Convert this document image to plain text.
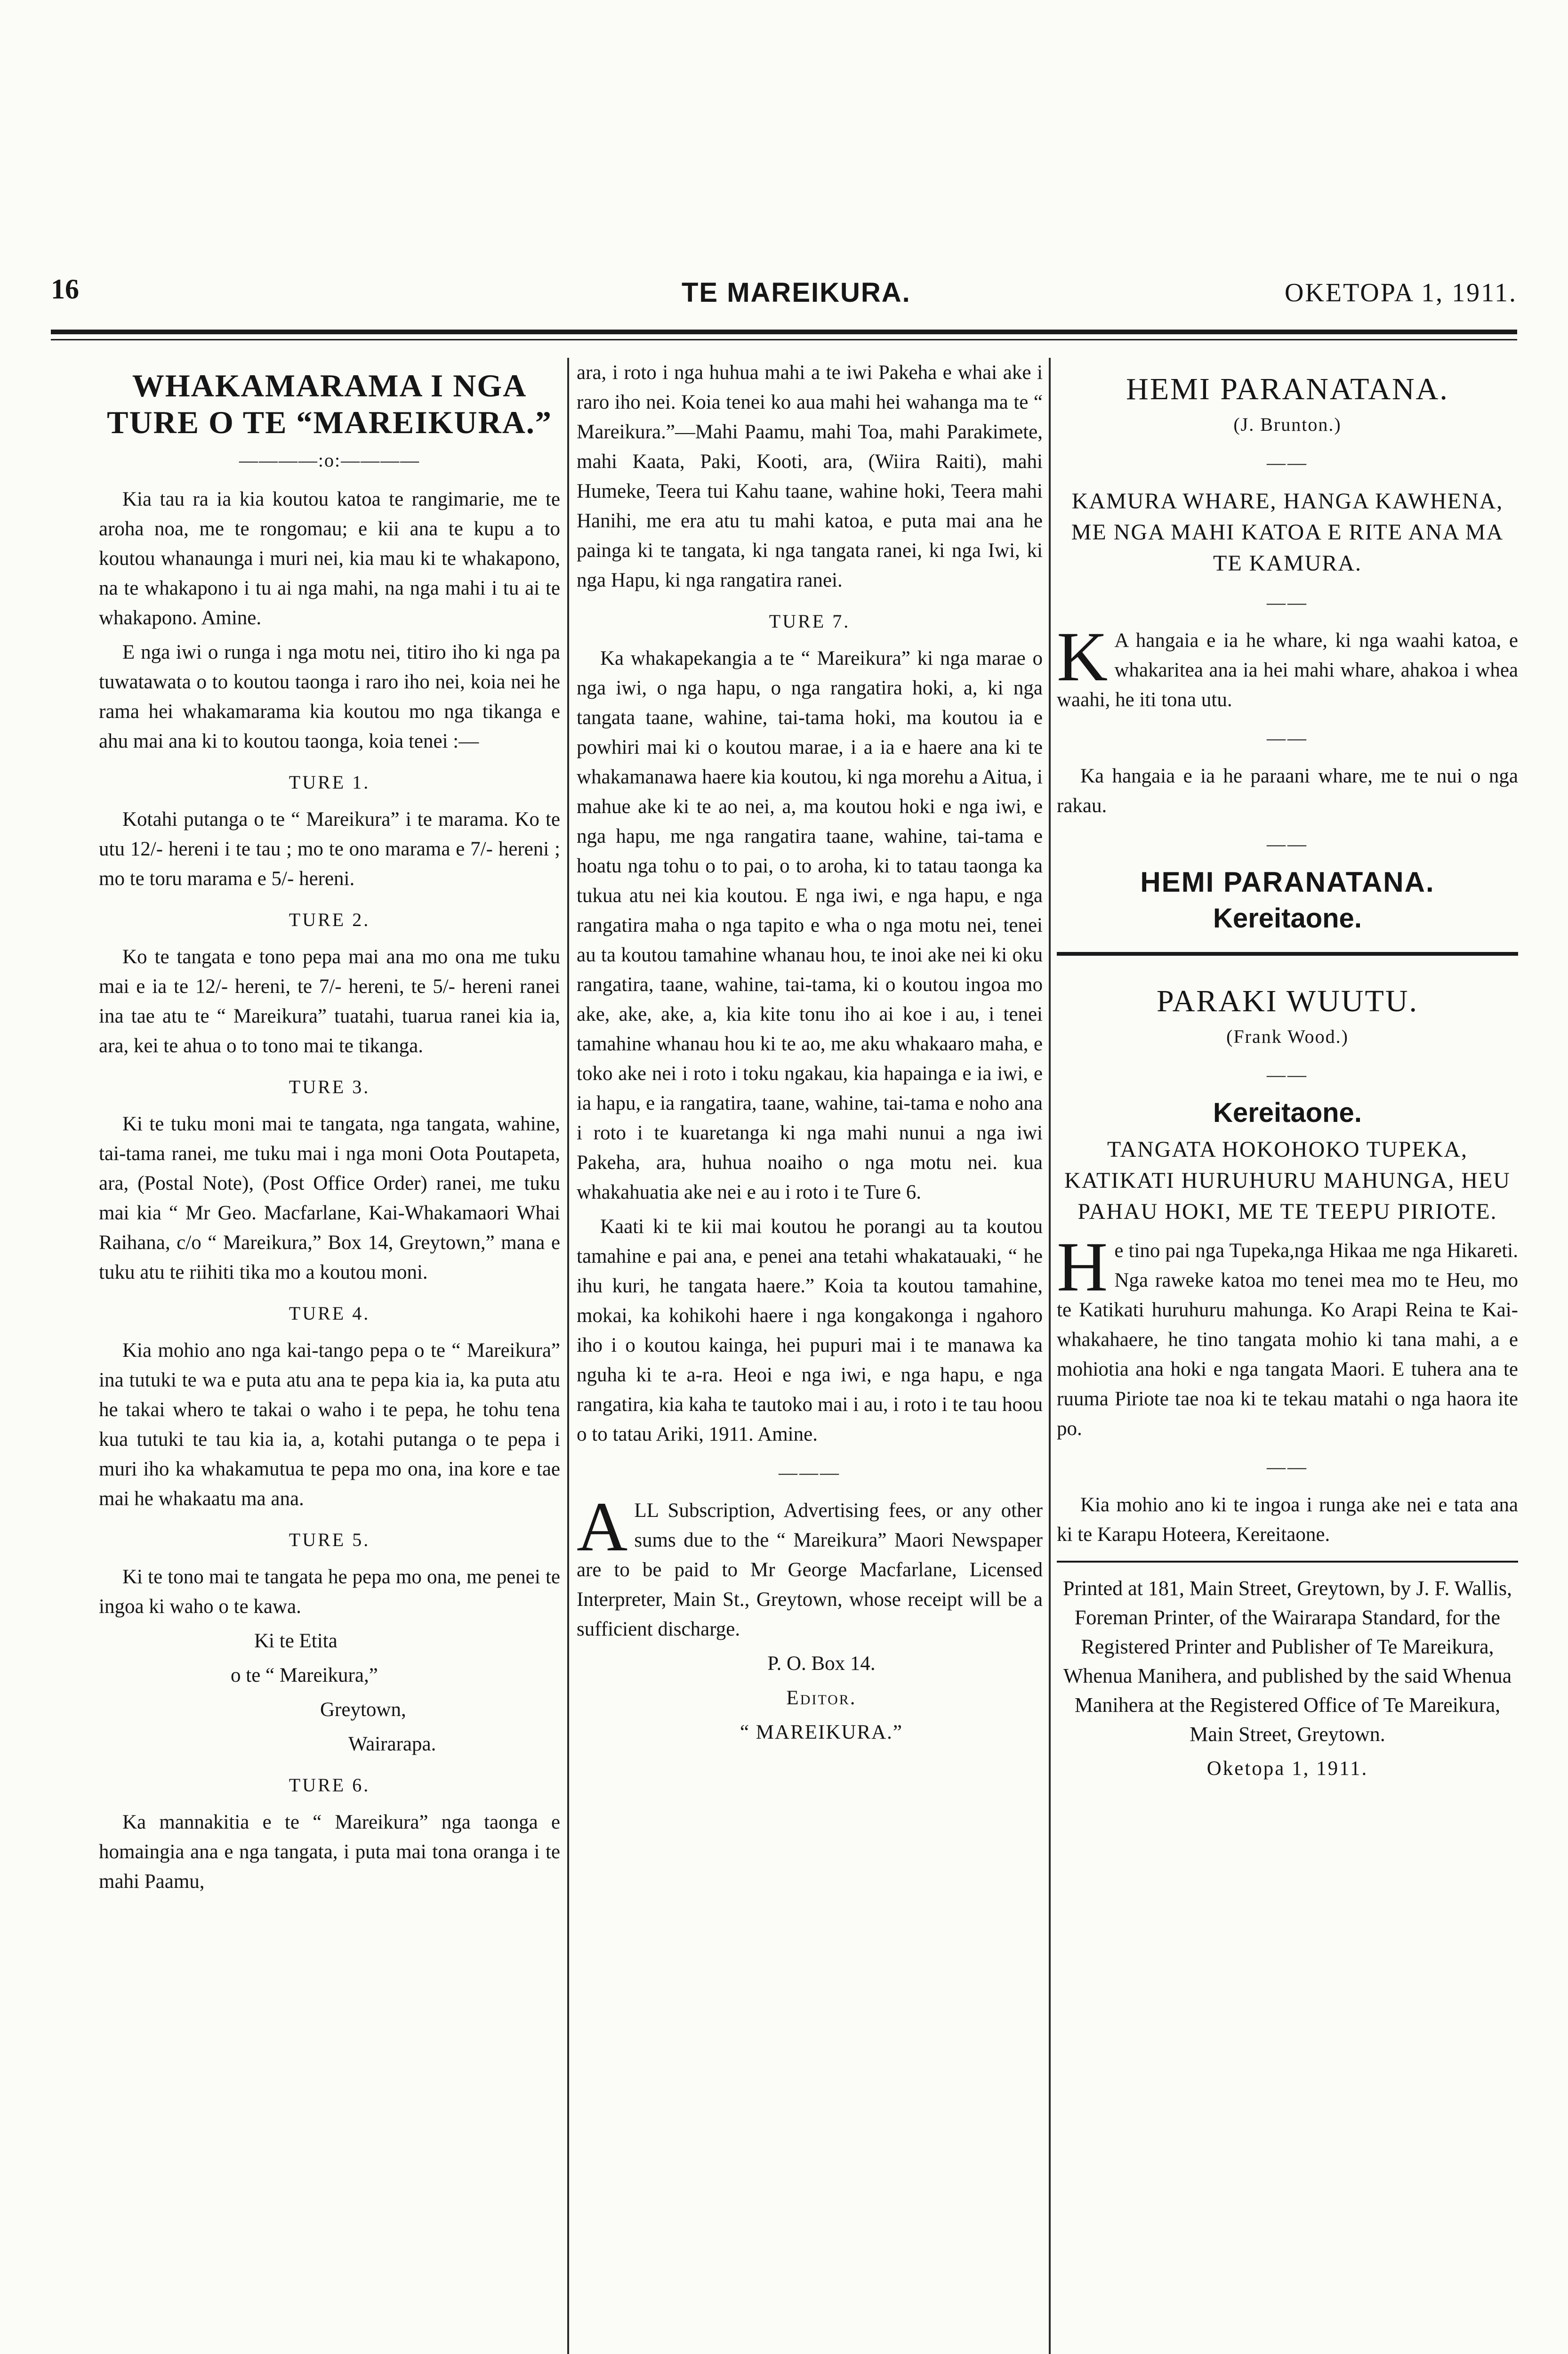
16	TE MAREIKURA.	OKETOPA 1, 1911.
WHAKAMARAMA I NGA TURE O TE “MAREIKURA.”
————:o:————

Kia tau ra ia kia koutou katoa te rangimarie, me te aroha noa, me te rongomau; e kii ana te kupu a to koutou whanaunga i muri nei, kia mau ki te whakapono, na te whakapono i tu ai nga mahi, na nga mahi i tu ai te whakapono. Amine.

E nga iwi o runga i nga motu nei, titiro iho ki nga pa tuwatawata o to koutou taonga i raro iho nei, koia nei he rama hei whakamarama kia koutou mo nga tikanga e ahu mai ana ki to koutou taonga, koia tenei :—

TURE 1.

Kotahi putanga o te “ Mareikura” i te marama. Ko te utu 12/- hereni i te tau ; mo te ono marama e 7/- hereni ; mo te toru marama e 5/- hereni.

TURE 2.

Ko te tangata e tono pepa mai ana mo ona me tuku mai e ia te 12/- hereni, te 7/- hereni, te 5/- hereni ranei ina tae atu te “ Mareikura” tuatahi, tuarua ranei kia ia, ara, kei te ahua o to tono mai te tikanga.

TURE 3.

Ki te tuku moni mai te tangata, nga tangata, wahine, tai-tama ranei, me tuku mai i nga moni Oota Poutapeta, ara, (Postal Note), (Post Office Order) ranei, me tuku mai kia “ Mr Geo. Macfarlane, Kai-Whakamaori Whai Raihana, c/o “ Mareikura,” Box 14, Greytown,” mana e tuku atu te riihiti tika mo a koutou moni.

TURE 4.

Kia mohio ano nga kai-tango pepa o te “ Mareikura” ina tutuki te wa e puta atu ana te pepa kia ia, ka puta atu he takai whero te takai o waho i te pepa, he tohu tena kua tutuki te tau kia ia, a, kotahi putanga o te pepa i muri iho ka whakamutua te pepa mo ona, ina kore e tae mai he whakaatu ma ana.

TURE 5.

Ki te tono mai te tangata he pepa mo ona, me penei te ingoa ki waho o te kawa.

Ki te Etita

o te “ Mareikura,”

Greytown,

Wairarapa.

TURE 6.

Ka mannakitia e te “ Mareikura” nga taonga e homaingia ana e nga tangata, i puta mai tona oranga i te mahi Paamu,

ara, i roto i nga huhua mahi a te iwi Pakeha e whai ake i raro iho nei. Koia tenei ko aua mahi hei wahanga ma te “ Mareikura.”—Mahi Paamu, mahi Toa, mahi Parakimete, mahi Kaata, Paki, Kooti, ara, (Wiira Raiti), mahi Humeke, Teera tui Kahu taane, wahine hoki, Teera mahi Hanihi, me era atu tu mahi katoa, e puta mai ana he painga ki te tangata, ki nga tangata ranei, ki nga Iwi, ki nga Hapu, ki nga rangatira ranei.

TURE 7.

Ka whakapekangia a te “ Mareikura” ki nga marae o nga iwi, o nga hapu, o nga rangatira hoki, a, ki nga tangata taane, wahine, tai-tama hoki, ma koutou ia e powhiri mai ki o koutou marae, i a ia e haere ana ki te whakamanawa haere kia koutou, ki nga morehu a Aitua, i mahue ake ki te ao nei, a, ma koutou hoki e nga iwi, e nga hapu, me nga rangatira taane, wahine, tai-tama e hoatu nga tohu o to pai, o to aroha, ki to tatau taonga ka tukua atu nei kia koutou. E nga iwi, e nga hapu, e nga rangatira maha o nga tapito e wha o nga motu nei, tenei au ta koutou tamahine whanau hou, te inoi ake nei ki oku rangatira, taane, wahine, tai-tama, ki o koutou ingoa mo ake, ake, ake, a, kia kite tonu iho ai koe i au, i tenei tamahine whanau hou ki te ao, me aku whakaaro maha, e toko ake nei i roto i toku ngakau, kia hapainga e ia iwi, e ia hapu, e ia rangatira, taane, wahine, tai-tama e noho ana i roto i te kuaretanga ki nga mahi nunui a nga iwi Pakeha, ara, huhua noaiho o nga motu nei. kua whakahuatia ake nei e au i roto i te Ture 6.

Kaati ki te kii mai koutou he porangi au ta koutou tamahine e pai ana, e penei ana tetahi whakatauaki, “ he ihu kuri, he tangata haere.” Koia ta koutou tamahine, mokai, ka kohikohi haere i nga kongakonga i ngahoro iho i o koutou kainga, hei pupuri mai i te manawa ka nguha ki te a-ra. Heoi e nga iwi, e nga hapu, e nga rangatira, kia kaha te tautoko mai i au, i roto i te tau hoou o to tatau Ariki, 1911. Amine.

———

A LL Subscription, Advertising fees, or any other sums due to the “ Mareikura” Maori Newspaper are to be paid to Mr George Macfarlane, Licensed Interpreter, Main St., Greytown, whose receipt will be a sufficient discharge.

P. O. Box 14.

Editor.

“ MAREIKURA.”

HEMI PARANATANA.
(J. Brunton.)
——
KAMURA WHARE, HANGA KAWHENA, ME NGA MAHI KATOA E RITE ANA MA TE KAMURA.
——

K A hangaia e ia he whare, ki nga waahi katoa, e whakaritea ana ia hei mahi whare, ahakoa i whea waahi, he iti tona utu.

——

Ka hangaia e ia he paraani whare, me te nui o nga rakau.

——
HEMI PARANATANA.
Kereitaone.
PARAKI WUUTU.
(Frank Wood.)
——
Kereitaone.
TANGATA HOKOHOKO TUPEKA, KATIKATI HURUHURU MAHUNGA, HEU PAHAU HOKI, ME TE TEEPU PIRIOTE.

H e tino pai nga Tupeka,nga Hikaa me nga Hikareti. Nga raweke katoa mo tenei mea mo te Heu, mo te Katikati huruhuru mahunga. Ko Arapi Reina te Kai-whakahaere, he tino tangata mohio ki tana mahi, a e mohiotia ana hoki e nga tangata Maori. E tuhera ana te ruuma Piriote tae noa ki te tekau matahi o nga haora ite po.

——

Kia mohio ano ki te ingoa i runga ake nei e tata ana ki te Karapu Hoteera, Kereitaone.

Printed at 181, Main Street, Greytown, by J. F. Wallis, Foreman Printer, of the Wairarapa Standard, for the Registered Printer and Publisher of Te Mareikura, Whenua Manihera, and published by the said Whenua Manihera at the Registered Office of Te Mareikura, Main Street, Greytown.
Oketopa 1, 1911.
